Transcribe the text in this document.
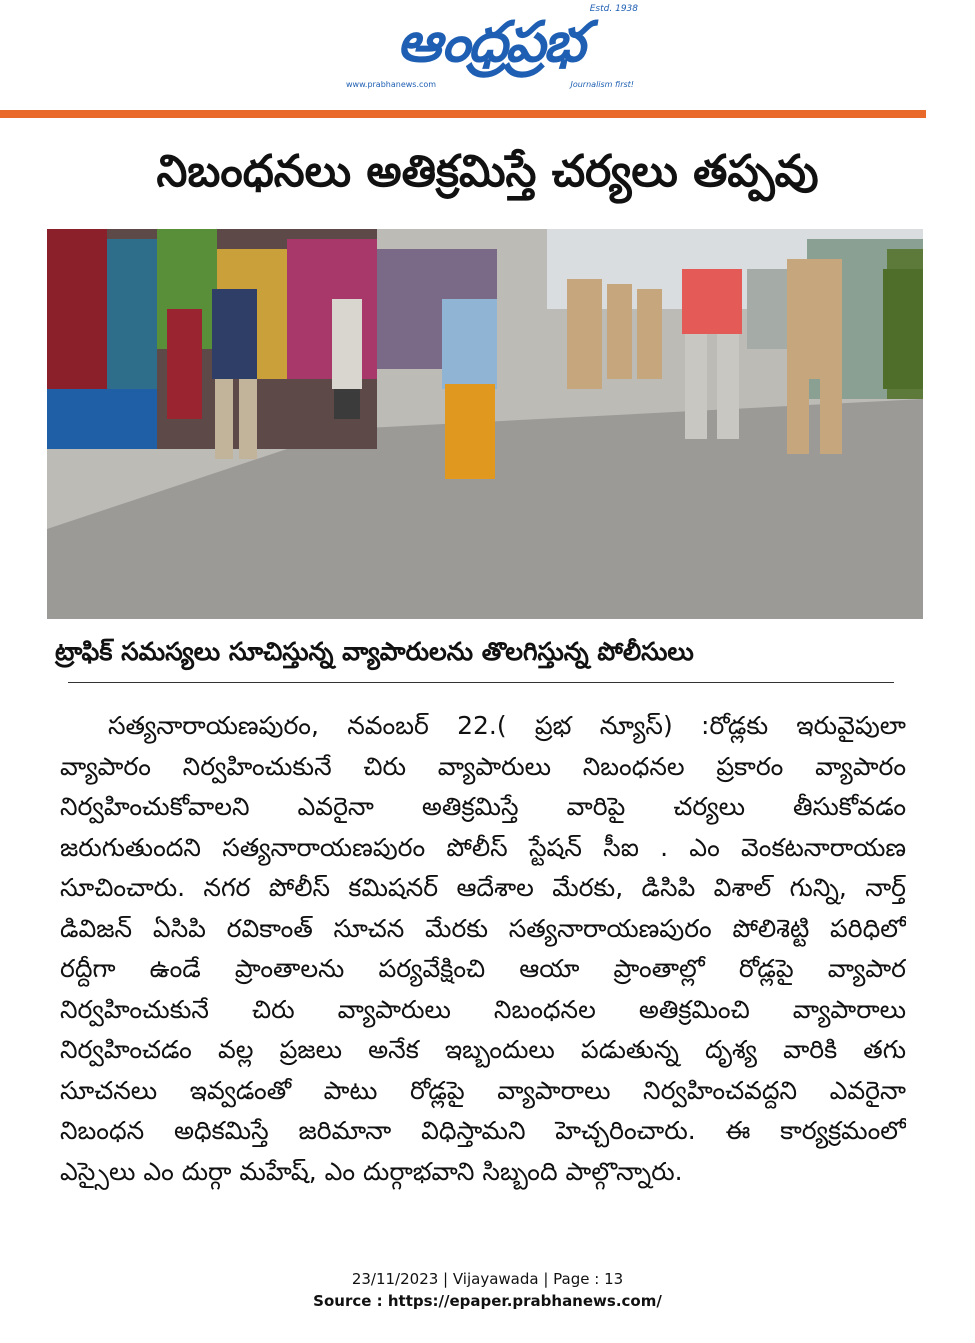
ఆంధ్రప్రభ
Estd. 1938
www.prabhanews.com	Journalism first!
నిబంధనలు అతిక్రమిస్తే చర్యలు తప్పవు
ట్రాఫిక్ సమస్యలు సూచిస్తున్న వ్యాపారులను తొలగిస్తున్న పోలీసులు
సత్యనారాయణపురం, నవంబర్ 22.( ప్రభ న్యూస్) :రోడ్లకు ఇరువైపులా
వ్యాపారం నిర్వహించుకునే చిరు వ్యాపారులు నిబంధనల ప్రకారం వ్యాపారం
నిర్వహించుకోవాలని ఎవరైనా అతిక్రమిస్తే వారిపై చర్యలు తీసుకోవడం
జరుగుతుందని సత్యనారాయణపురం పోలీస్ స్టేషన్ సీఐ . ఎం వెంకటనారాయణ
సూచించారు. నగర పోలీస్ కమిషనర్ ఆదేశాల మేరకు, డిసిపి విశాల్ గున్ని, నార్త్
డివిజన్ ఏసిపి రవికాంత్ సూచన మేరకు సత్యనారాయణపురం పోలిశెట్టి పరిధిలో
రద్దీగా ఉండే ప్రాంతాలను పర్యవేక్షించి ఆయా ప్రాంతాల్లో రోడ్లపై వ్యాపార
నిర్వహించుకునే చిరు వ్యాపారులు నిబంధనల అతిక్రమించి వ్యాపారాలు
నిర్వహించడం వల్ల ప్రజలు అనేక ఇబ్బందులు పడుతున్న దృశ్య వారికి తగు
సూచనలు ఇవ్వడంతో పాటు రోడ్లపై వ్యాపారాలు నిర్వహించవద్దని ఎవరైనా
నిబంధన అధికమిస్తే జరిమానా విధిస్తామని హెచ్చరించారు. ఈ కార్యక్రమంలో
ఎస్సైలు ఎం దుర్గా మహేష్, ఎం దుర్గాభవాని సిబ్బంది పాల్గొన్నారు.
23/11/2023 | Vijayawada | Page : 13
Source : https://epaper.prabhanews.com/
